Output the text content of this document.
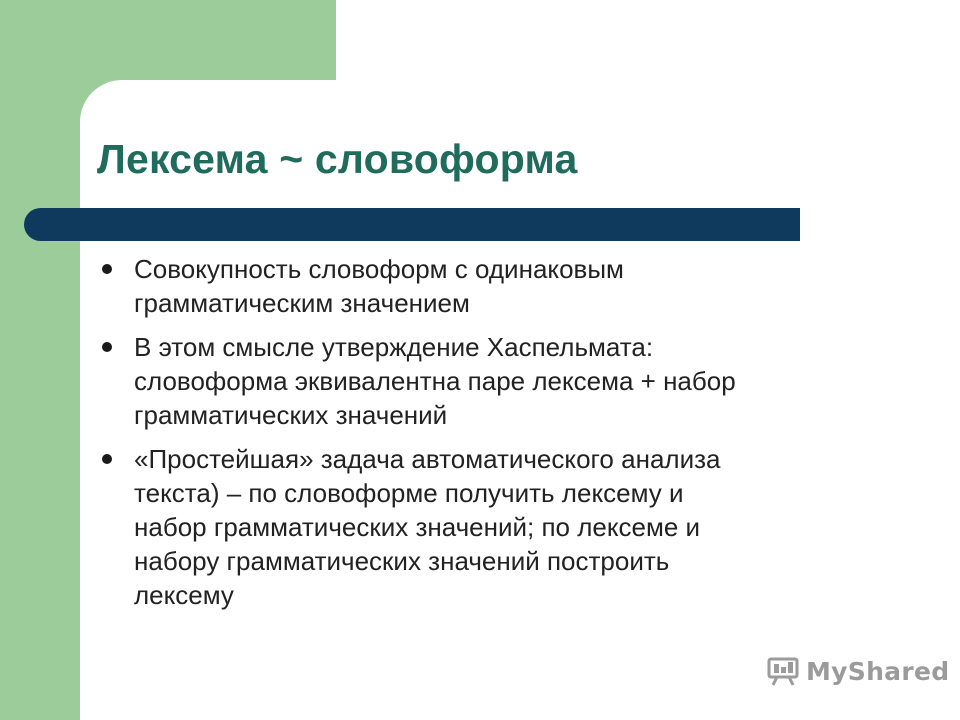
Лексема ~ словоформа
Совокупность словоформ с одинаковым
грамматическим значением
В этом смысле утверждение Хаспельмата:
словоформа эквивалентна паре лексема + набор
грамматических значений
«Простейшая» задача автоматического анализа
текста) – по словоформе получить лексему и
набор грамматических значений; по лексеме и
набору грамматических значений построить
лексему
MyShared
